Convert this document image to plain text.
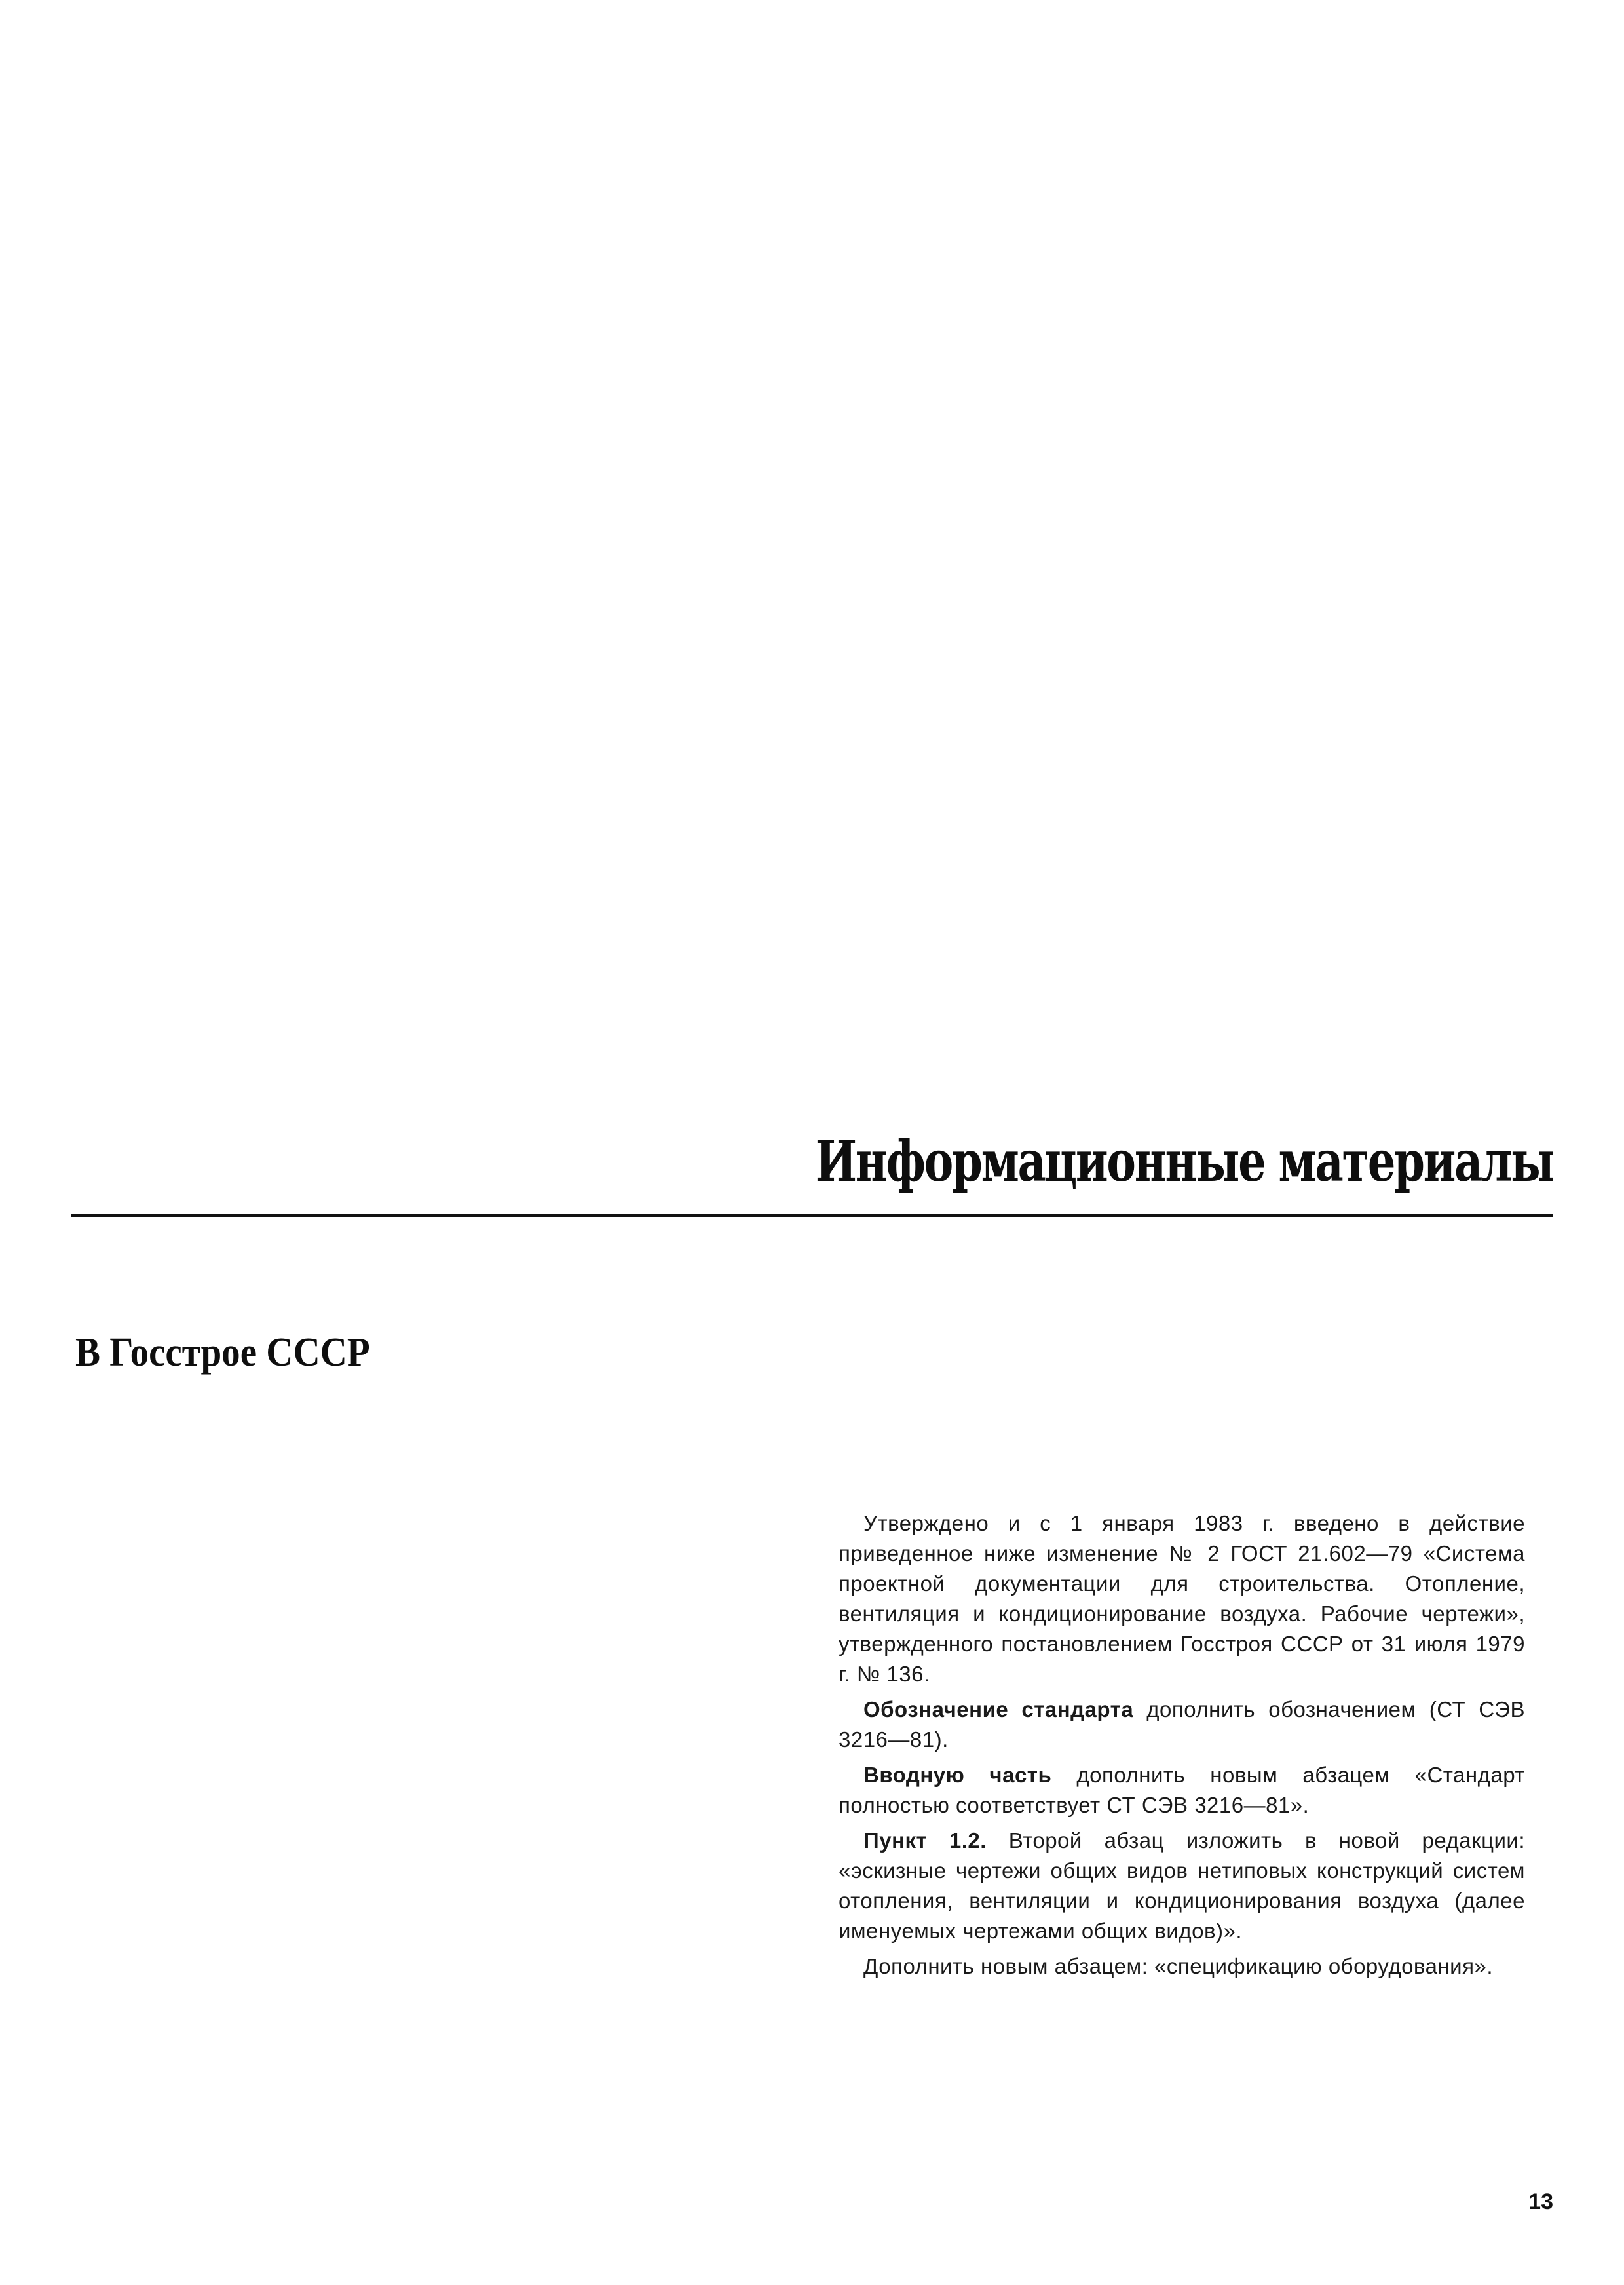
Информационные материалы
В Госстрое СССР

Утверждено и с 1 января 1983 г. введено в действие приведенное ниже изменение № 2 ГОСТ 21.602—79 «Система проектной документации для строительства. Отопление, вентиляция и кондиционирование воздуха. Рабочие чертежи», утвержденного постановлением Госстроя СССР от 31 июля 1979 г. № 136.

Обозначение стандарта дополнить обозначением (СТ СЭВ 3216—81).

Вводную часть дополнить новым абзацем «Стандарт полностью соответствует СТ СЭВ 3216—81».

Пункт 1.2. Второй абзац изложить в новой редакции: «эскизные чертежи общих видов нетиповых конструкций систем отопления, вентиляции и кондиционирования воздуха (далее именуемых чертежами общих видов)».

Дополнить новым абзацем: «спецификацию оборудования».

13
